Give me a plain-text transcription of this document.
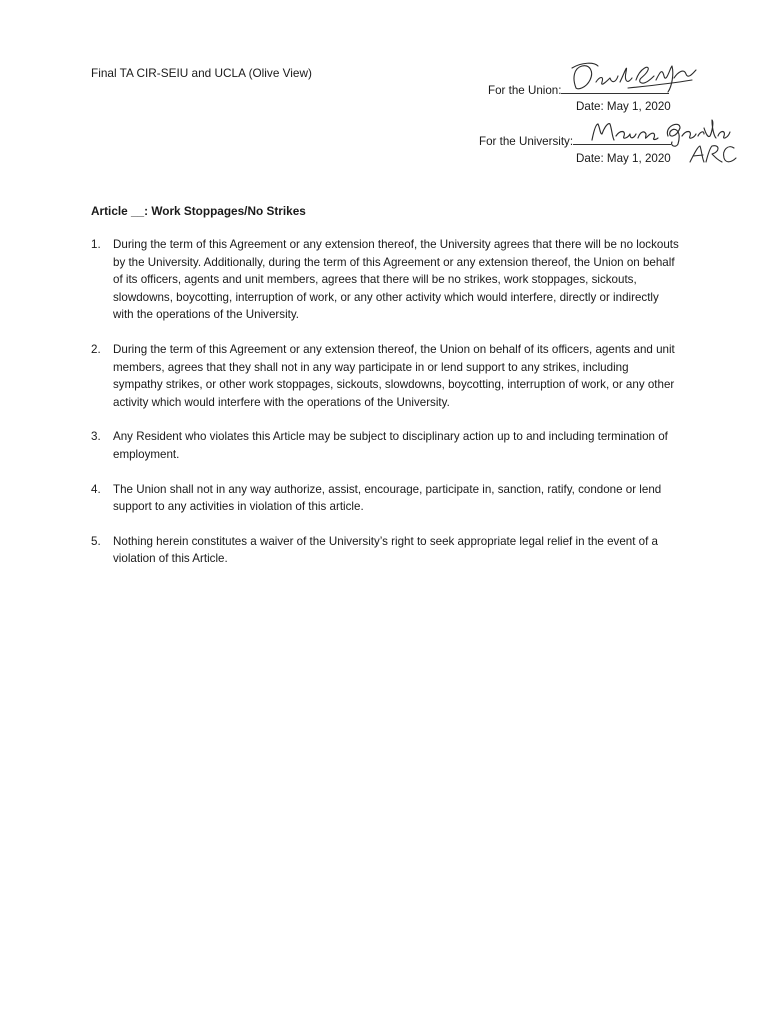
Final TA CIR-SEIU and UCLA (Olive View)
For the Union:
Date: May 1, 2020
For the University:
Date: May 1, 2020
Article __: Work Stoppages/No Strikes
1. During the term of this Agreement or any extension thereof, the University agrees that there will be no lockouts by the University. Additionally, during the term of this Agreement or any extension thereof, the Union on behalf of its officers, agents and unit members, agrees that there will be no strikes, work stoppages, sickouts, slowdowns, boycotting, interruption of work, or any other activity which would interfere, directly or indirectly with the operations of the University.
2. During the term of this Agreement or any extension thereof, the Union on behalf of its officers, agents and unit members, agrees that they shall not in any way participate in or lend support to any strikes, including sympathy strikes, or other work stoppages, sickouts, slowdowns, boycotting, interruption of work, or any other activity which would interfere with the operations of the University.
3. Any Resident who violates this Article may be subject to disciplinary action up to and including termination of employment.
4. The Union shall not in any way authorize, assist, encourage, participate in, sanction, ratify, condone or lend support to any activities in violation of this article.
5. Nothing herein constitutes a waiver of the University’s right to seek appropriate legal relief in the event of a violation of this Article.
